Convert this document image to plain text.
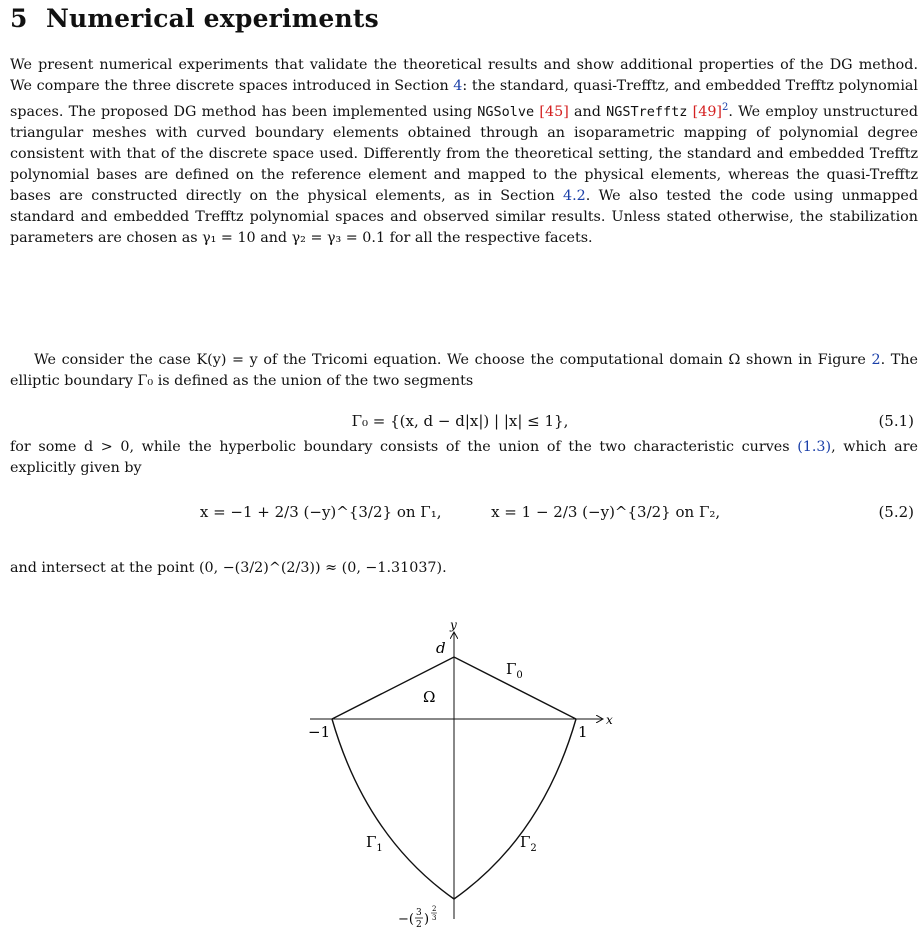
5 Numerical experiments
We present numerical experiments that validate the theoretical results and show additional properties of the DG method. We compare the three discrete spaces introduced in Section 4: the standard, quasi-Trefftz, and embedded Trefftz polynomial spaces. The proposed DG method has been implemented using NGSolve [45] and NGSTrefftz [49]$^2$. We employ unstructured triangular meshes with curved boundary elements obtained through an isoparametric mapping of polynomial degree consistent with that of the discrete space used. Differently from the theoretical setting, the standard and embedded Trefftz polynomial bases are defined on the reference element and mapped to the physical elements, whereas the quasi-Trefftz bases are constructed directly on the physical elements, as in Section 4.2. We also tested the code using unmapped standard and embedded Trefftz polynomial spaces and observed similar results. Unless stated otherwise, the stabilization parameters are chosen as γ₁ = 10 and γ₂ = γ₃ = 0.1 for all the respective facets.
We consider the case K(y) = y of the Tricomi equation. We choose the computational domain Ω shown in Figure 2. The elliptic boundary Γ₀ is defined as the union of the two segments
Γ₀ = {(x, d − d|x|) | |x| ≤ 1},	(5.1)
for some d > 0, while the hyperbolic boundary consists of the union of the two characteristic curves (1.3), which are explicitly given by
x = −1 + 2/3 (−y)^{3/2} on Γ₁,	x = 1 − 2/3 (−y)^{3/2} on Γ₂,	(5.2)
and intersect at the point (0, −(3/2)^(2/3)) ≈ (0, −1.31037).
y
x
d
$\Gamma_0$
Ω
−1	1
$\Gamma_1$	$\Gamma_2$
−( 3
2 )
2
3
